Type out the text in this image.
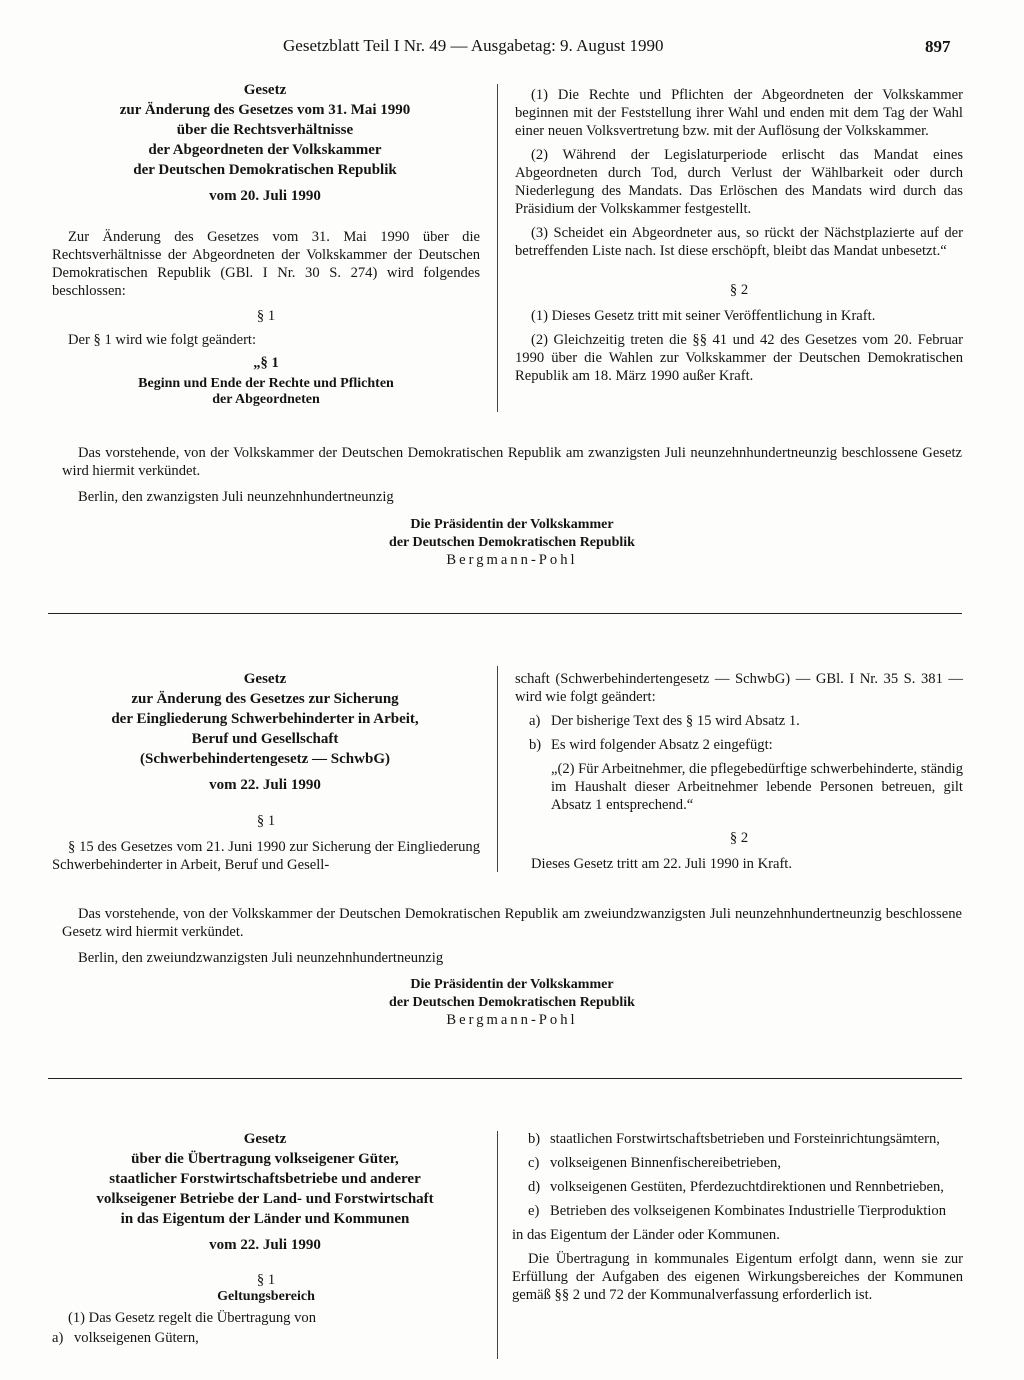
Gesetzblatt Teil I Nr. 49 — Ausgabetag: 9. August 1990	897
Gesetz
zur Änderung des Gesetzes vom 31. Mai 1990
über die Rechtsverhältnisse
der Abgeordneten der Volkskammer
der Deutschen Demokratischen Republik
vom 20. Juli 1990

Zur Änderung des Gesetzes vom 31. Mai 1990 über die Rechtsverhältnisse der Abgeordneten der Volkskammer der Deutschen Demokratischen Republik (GBl. I Nr. 30 S. 274) wird folgendes beschlossen:

§ 1

Der § 1 wird wie folgt geändert:

„§ 1
Beginn und Ende der Rechte und Pflichten
der Abgeordneten

(1) Die Rechte und Pflichten der Abgeordneten der Volkskammer beginnen mit der Feststellung ihrer Wahl und enden mit dem Tag der Wahl einer neuen Volksvertretung bzw. mit der Auflösung der Volkskammer.

(2) Während der Legislaturperiode erlischt das Mandat eines Abgeordneten durch Tod, durch Verlust der Wählbarkeit oder durch Niederlegung des Mandats. Das Erlöschen des Mandats wird durch das Präsidium der Volkskammer festgestellt.

(3) Scheidet ein Abgeordneter aus, so rückt der Nächstplazierte auf der betreffenden Liste nach. Ist diese erschöpft, bleibt das Mandat unbesetzt.“

§ 2

(1) Dieses Gesetz tritt mit seiner Veröffentlichung in Kraft.

(2) Gleichzeitig treten die §§ 41 und 42 des Gesetzes vom 20. Februar 1990 über die Wahlen zur Volkskammer der Deutschen Demokratischen Republik am 18. März 1990 außer Kraft.

Das vorstehende, von der Volkskammer der Deutschen Demokratischen Republik am zwanzigsten Juli neunzehnhundertneunzig beschlossene Gesetz wird hiermit verkündet.

Berlin, den zwanzigsten Juli neunzehnhundertneunzig

Die Präsidentin der Volkskammer
der Deutschen Demokratischen Republik
Bergmann-Pohl
Gesetz
zur Änderung des Gesetzes zur Sicherung
der Eingliederung Schwerbehinderter in Arbeit,
Beruf und Gesellschaft
(Schwerbehindertengesetz — SchwbG)
vom 22. Juli 1990
§ 1

§ 15 des Gesetzes vom 21. Juni 1990 zur Sicherung der Eingliederung Schwerbehinderter in Arbeit, Beruf und Gesell-

schaft (Schwerbehindertengesetz — SchwbG) — GBl. I Nr. 35 S. 381 — wird wie folgt geändert:

a) Der bisherige Text des § 15 wird Absatz 1.

b) Es wird folgender Absatz 2 eingefügt:

„(2) Für Arbeitnehmer, die pflegebedürftige schwerbehinderte, ständig im Haushalt dieser Arbeitnehmer lebende Personen betreuen, gilt Absatz 1 entsprechend.“

§ 2

Dieses Gesetz tritt am 22. Juli 1990 in Kraft.

Das vorstehende, von der Volkskammer der Deutschen Demokratischen Republik am zweiundzwanzigsten Juli neunzehnhundertneunzig beschlossene Gesetz wird hiermit verkündet.

Berlin, den zweiundzwanzigsten Juli neunzehnhundertneunzig

Die Präsidentin der Volkskammer
der Deutschen Demokratischen Republik
Bergmann-Pohl
Gesetz
über die Übertragung volkseigener Güter,
staatlicher Forstwirtschaftsbetriebe und anderer
volkseigener Betriebe der Land- und Forstwirtschaft
in das Eigentum der Länder und Kommunen
vom 22. Juli 1990
§ 1
Geltungsbereich

(1) Das Gesetz regelt die Übertragung von

a) volkseigenen Gütern,

b) staatlichen Forstwirtschaftsbetrieben und Forsteinrichtungsämtern,

c) volkseigenen Binnenfischereibetrieben,

d) volkseigenen Gestüten, Pferdezuchtdirektionen und Rennbetrieben,

e) Betrieben des volkseigenen Kombinates Industrielle Tierproduktion

in das Eigentum der Länder oder Kommunen.

Die Übertragung in kommunales Eigentum erfolgt dann, wenn sie zur Erfüllung der Aufgaben des eigenen Wirkungsbereiches der Kommunen gemäß §§ 2 und 72 der Kommunalverfassung erforderlich ist.
